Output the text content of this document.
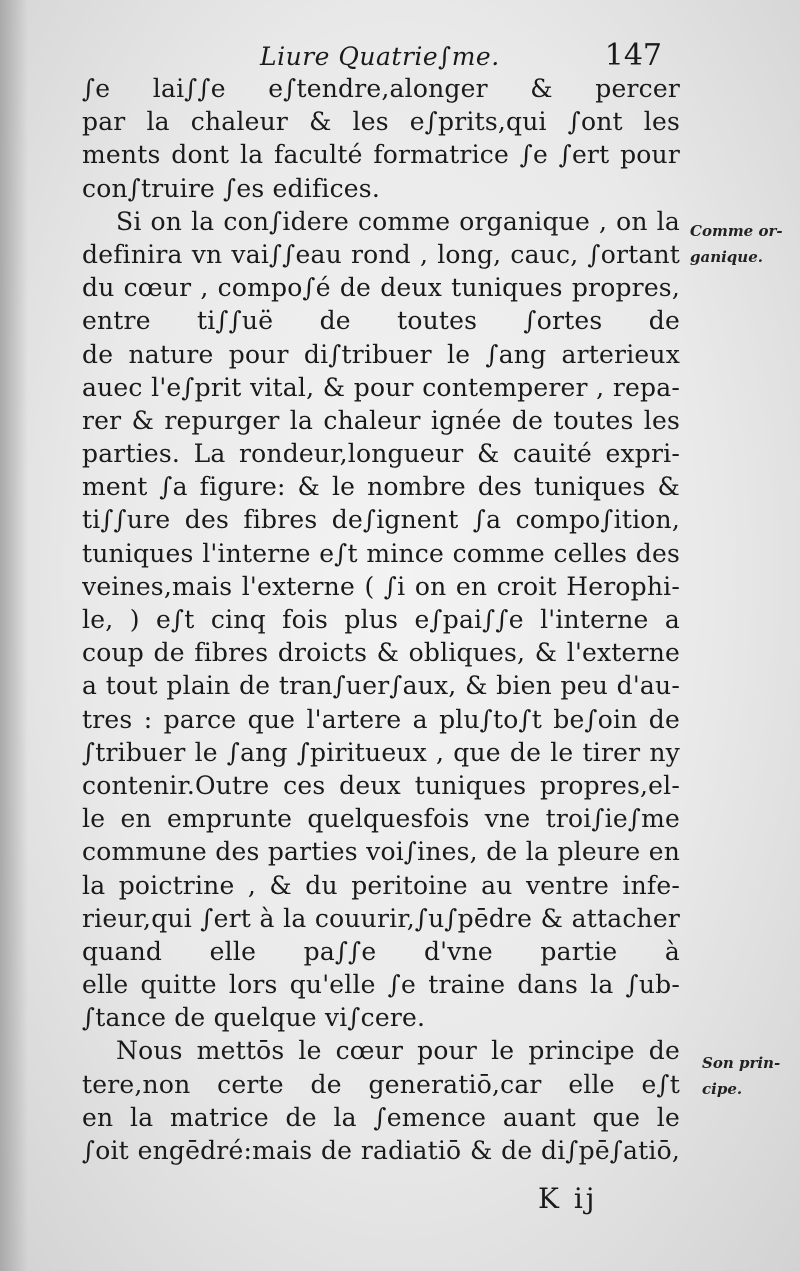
Liure Quatrie∫me.	147
∫e lai∫∫e e∫tendre,alonger & percer
par la chaleur & les e∫prits,qui ∫ont les
ments dont la faculté formatrice ∫e ∫ert pour
con∫truire ∫es edifices.
Si on la con∫idere comme organique , on la
definira vn vai∫∫eau rond , long, cauc, ∫ortant
du cœur , compo∫é de deux tuniques propres,
entre ti∫∫uë de toutes ∫ortes de
de nature pour di∫tribuer le ∫ang arterieux
auec l'e∫prit vital, & pour contemperer , repa-
rer & repurger la chaleur ignée de toutes les
parties. La rondeur,longueur & cauité expri-
ment ∫a figure: & le nombre des tuniques &
ti∫∫ure des fibres de∫ignent ∫a compo∫ition,
tuniques l'interne e∫t mince comme celles des
veines,mais l'externe ( ∫i on en croit Herophi-
le, ) e∫t cinq fois plus e∫pai∫∫e l'interne a
coup de fibres droicts & obliques, & l'externe
a tout plain de tran∫uer∫aux, & bien peu d'au-
tres : parce que l'artere a plu∫to∫t be∫oin de
∫tribuer le ∫ang ∫pirituеux , que de le tirer ny
contenir.Outre ces deux tuniques propres,el-
le en emprunte quelquesfois vne troi∫ie∫me
commune des parties voi∫ines, de la pleure en
la poictrine , & du peritoine au ventre infe-
rieur,qui ∫ert à la couurir,∫u∫pēdre & attacher
quand elle pa∫∫e d'vne partie à
elle quitte lors qu'elle ∫e traine dans la ∫ub-
∫tance de quelque vi∫cere.
Nous mettōs le cœur pour le principe de
tere,non certe de generatiō,car elle e∫t
en la matrice de la ∫emence auant que le
∫oit engēdré:mais de radiatiō & de di∫pē∫atiō,
Comme or-
ganique.
Son prin-
cipe.
K ij
